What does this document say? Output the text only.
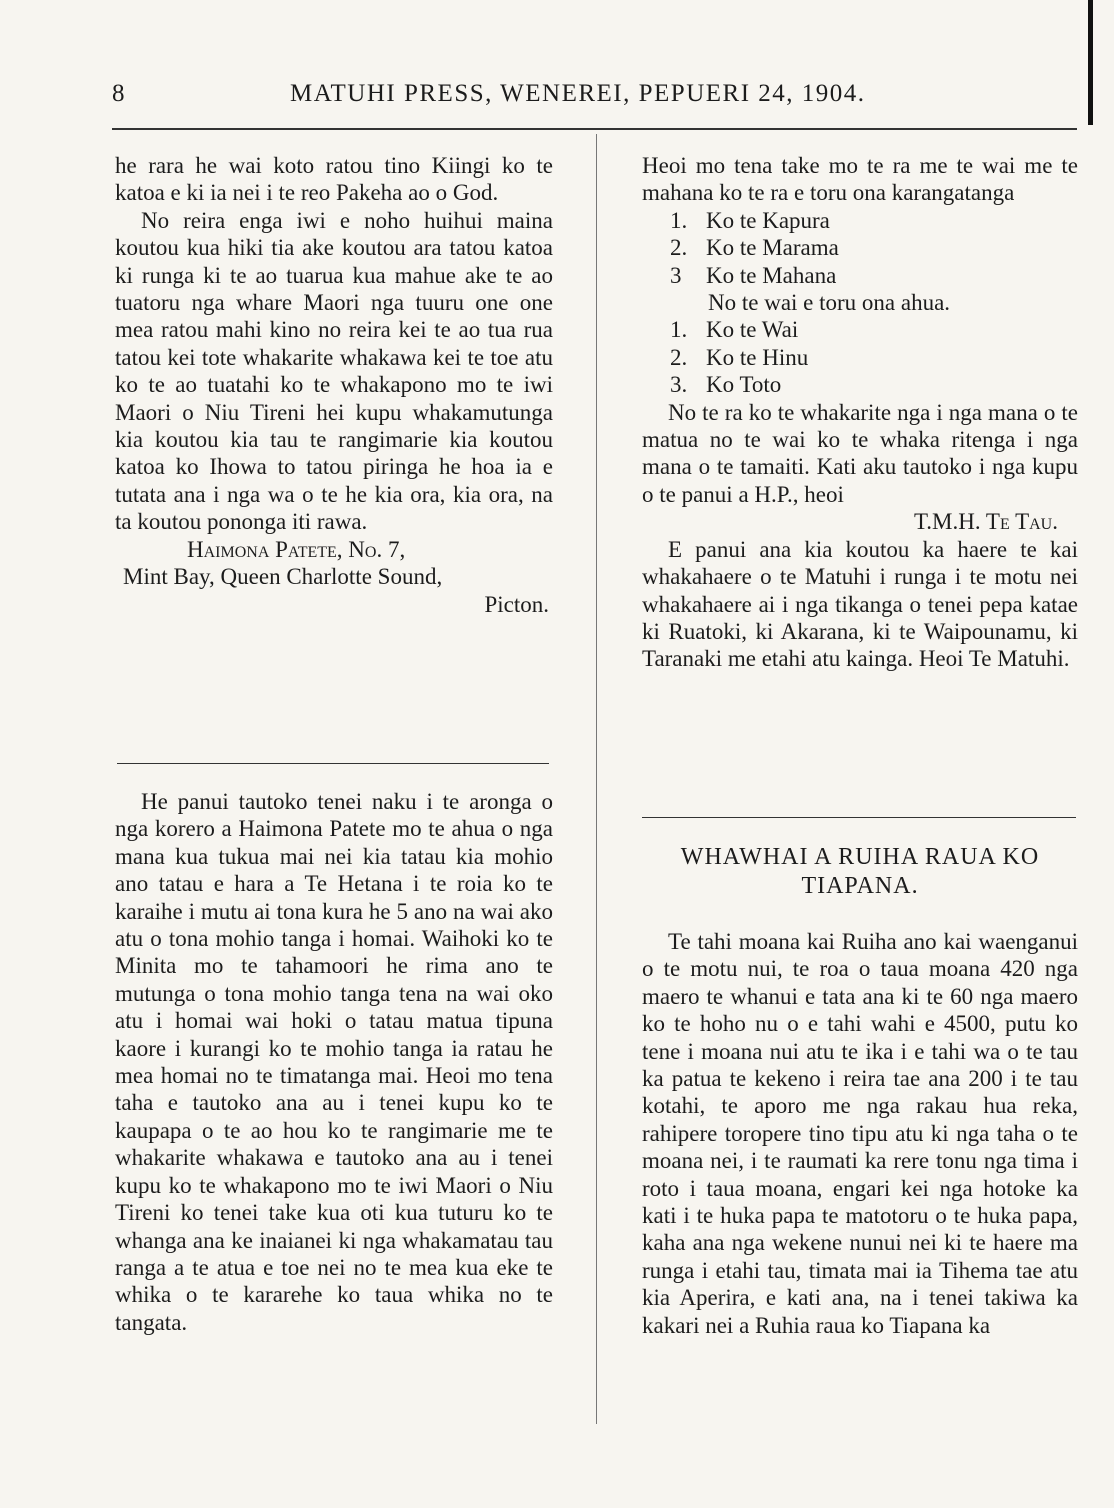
8	MATUHI PRESS, WENEREI, PEPUERI 24, 1904.

he rara he wai koto ratou tino Kiingi ko te katoa e ki ia nei i te reo Pakeha ao o God.

No reira enga iwi e noho huihui maina koutou kua hiki tia ake koutou ara tatou katoa ki runga ki te ao tuarua kua mahue ake te ao tuatoru nga whare Maori nga tuuru one one mea ratou mahi kino no reira kei te ao tua rua tatou kei tote whakarite whakawa kei te toe atu ko te ao tuatahi ko te whakapono mo te iwi Maori o Niu Tireni hei kupu whakamutunga kia koutou kia tau te rangimarie kia koutou katoa ko Ihowa to tatou piringa he hoa ia e tutata ana i nga wa o te he kia ora, kia ora, na ta koutou pononga iti rawa.

Haimona Patete, No. 7,
Mint Bay, Queen Charlotte Sound,
Picton.

He panui tautoko tenei naku i te aronga o nga korero a Haimona Patete mo te ahua o nga mana kua tukua mai nei kia tatau kia mohio ano tatau e hara a Te Hetana i te roia ko te karaihe i mutu ai tona kura he 5 ano na wai ako atu o tona mohio tanga i homai. Waihoki ko te Minita mo te tahamoori he rima ano te mutunga o tona mohio tanga tena na wai oko atu i homai wai hoki o tatau matua tipuna kaore i kurangi ko te mohio tanga ia ratau he mea homai no te timatanga mai. Heoi mo tena taha e tautoko ana au i tenei kupu ko te kaupapa o te ao hou ko te rangimarie me te whakarite whakawa e tautoko ana au i tenei kupu ko te whakapono mo te iwi Maori o Niu Tireni ko tenei take kua oti kua tuturu ko te whanga ana ke inaianei ki nga whakamatau tau ranga a te atua e toe nei no te mea kua eke te whika o te kararehe ko taua whika no te tangata.

Heoi mo tena take mo te ra me te wai me te mahana ko te ra e toru ona karangatanga

1. Ko te Kapura
2. Ko te Marama
3 Ko te Mahana
No te wai e toru ona ahua.
1. Ko te Wai
2. Ko te Hinu
3. Ko Toto

No te ra ko te whakarite nga i nga mana o te matua no te wai ko te whaka ritenga i nga mana o te tamaiti. Kati aku tautoko i nga kupu o te panui a H.P., heoi

T.M.H. Te Tau.

E panui ana kia koutou ka haere te kai whakahaere o te Matuhi i runga i te motu nei whakahaere ai i nga tikanga o tenei pepa katae ki Ruatoki, ki Akarana, ki te Waipounamu, ki Taranaki me etahi atu kainga. Heoi Te Matuhi.

WHAWHAI A RUIHA RAUA KO TIAPANA.

Te tahi moana kai Ruiha ano kai waenganui o te motu nui, te roa o taua moana 420 nga maero te whanui e tata ana ki te 60 nga maero ko te hoho nu o e tahi wahi e 4500, putu ko tene i moana nui atu te ika i e tahi wa o te tau ka patua te kekeno i reira tae ana 200 i te tau kotahi, te aporo me nga rakau hua reka, rahipere toropere tino tipu atu ki nga taha o te moana nei, i te raumati ka rere tonu nga tima i roto i taua moana, engari kei nga hotoke ka kati i te huka papa te matotoru o te huka papa, kaha ana nga wekene nunui nei ki te haere ma runga i etahi tau, timata mai ia Tihema tae atu kia Aperira, e kati ana, na i tenei takiwa ka kakari nei a Ruhia raua ko Tiapana ka
